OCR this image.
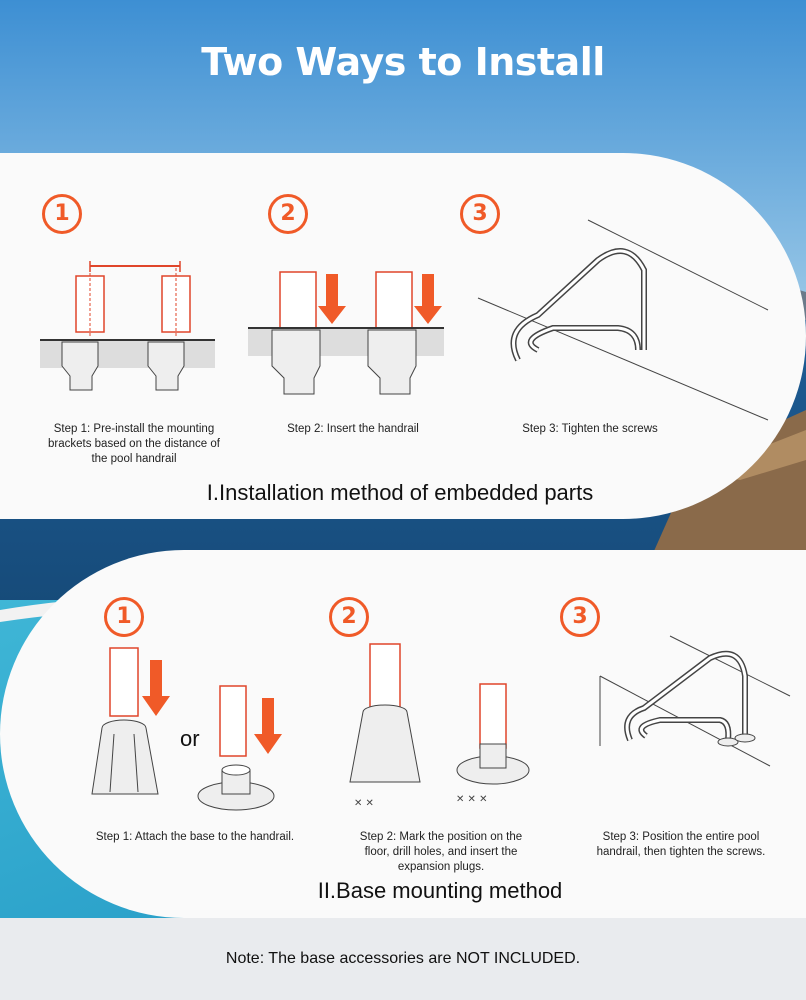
Two Ways to Install
1	2	3
Step 1: Pre-install the mounting brackets based on the distance of the pool handrail
Step 2: Insert the handrail	Step 3: Tighten the screws
I.Installation method of embedded parts
1	2	3
or
✕ ✕	✕ ✕ ✕
Step 1: Attach the base to the handrail.	Step 2: Mark the position on the floor, drill holes, and insert the expansion plugs.
Step 3: Position the entire pool handrail, then tighten the screws.
II.Base mounting method
Note: The base accessories are NOT INCLUDED.
